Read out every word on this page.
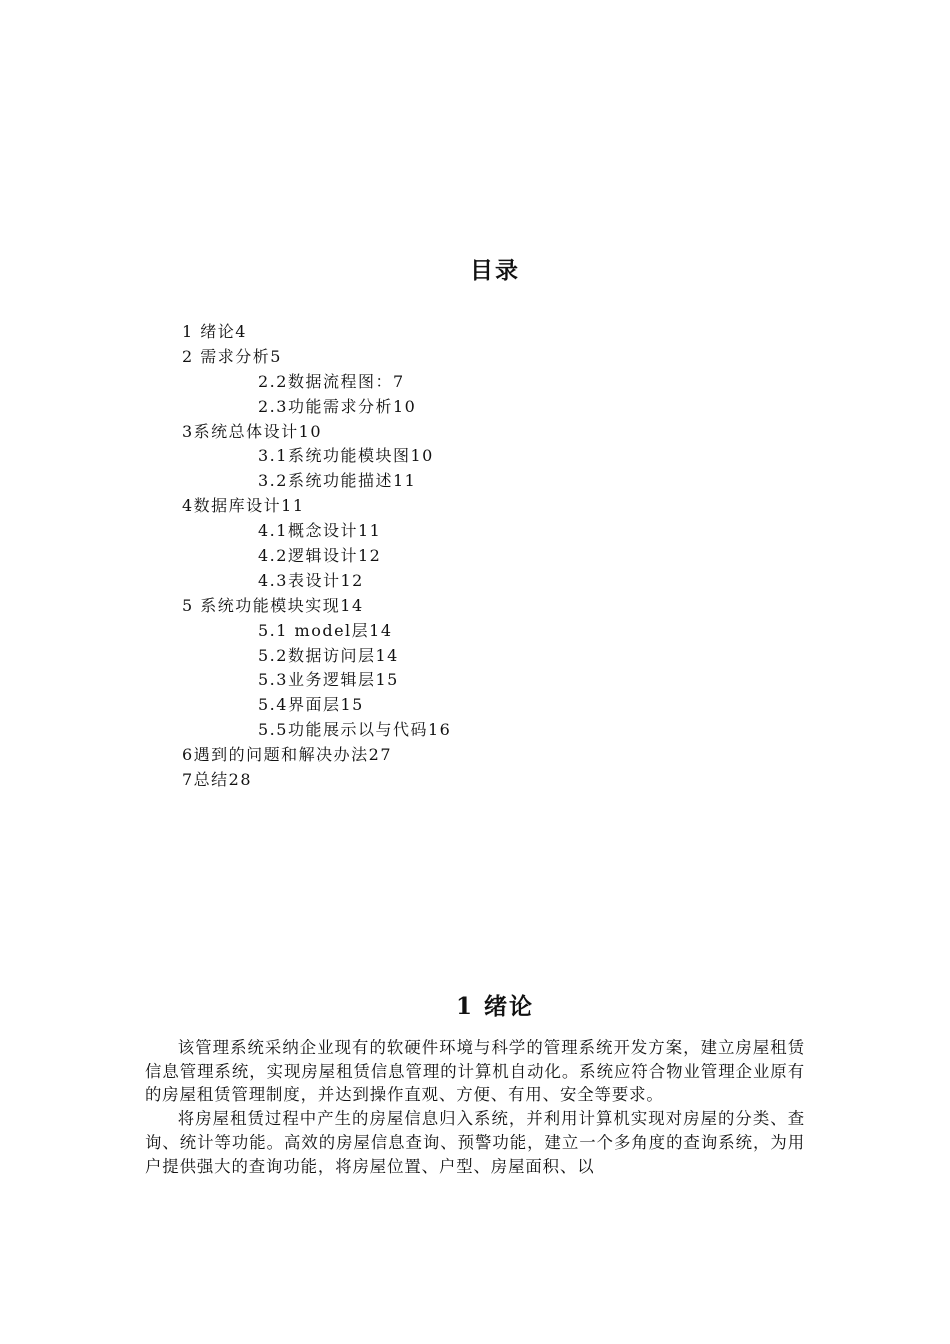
目录
1 绪论4
2 需求分析5
2.2数据流程图：7
2.3功能需求分析10
3系统总体设计10
3.1系统功能模块图10
3.2系统功能描述11
4数据库设计11
4.1概念设计11
4.2逻辑设计12
4.3表设计12
5 系统功能模块实现14
5.1 model层14
5.2数据访问层14
5.3业务逻辑层15
5.4界面层15
5.5功能展示以与代码16
6遇到的问题和解决办法27
7总结28
1 绪论

该管理系统采纳企业现有的软硬件环境与科学的管理系统开发方案，建立房屋租赁信息管理系统，实现房屋租赁信息管理的计算机自动化。系统应符合物业管理企业原有的房屋租赁管理制度，并达到操作直观、方便、有用、安全等要求。

将房屋租赁过程中产生的房屋信息归入系统，并利用计算机实现对房屋的分类、查询、统计等功能。高效的房屋信息查询、预警功能，建立一个多角度的查询系统，为用户提供强大的查询功能，将房屋位置、户型、房屋面积、以
